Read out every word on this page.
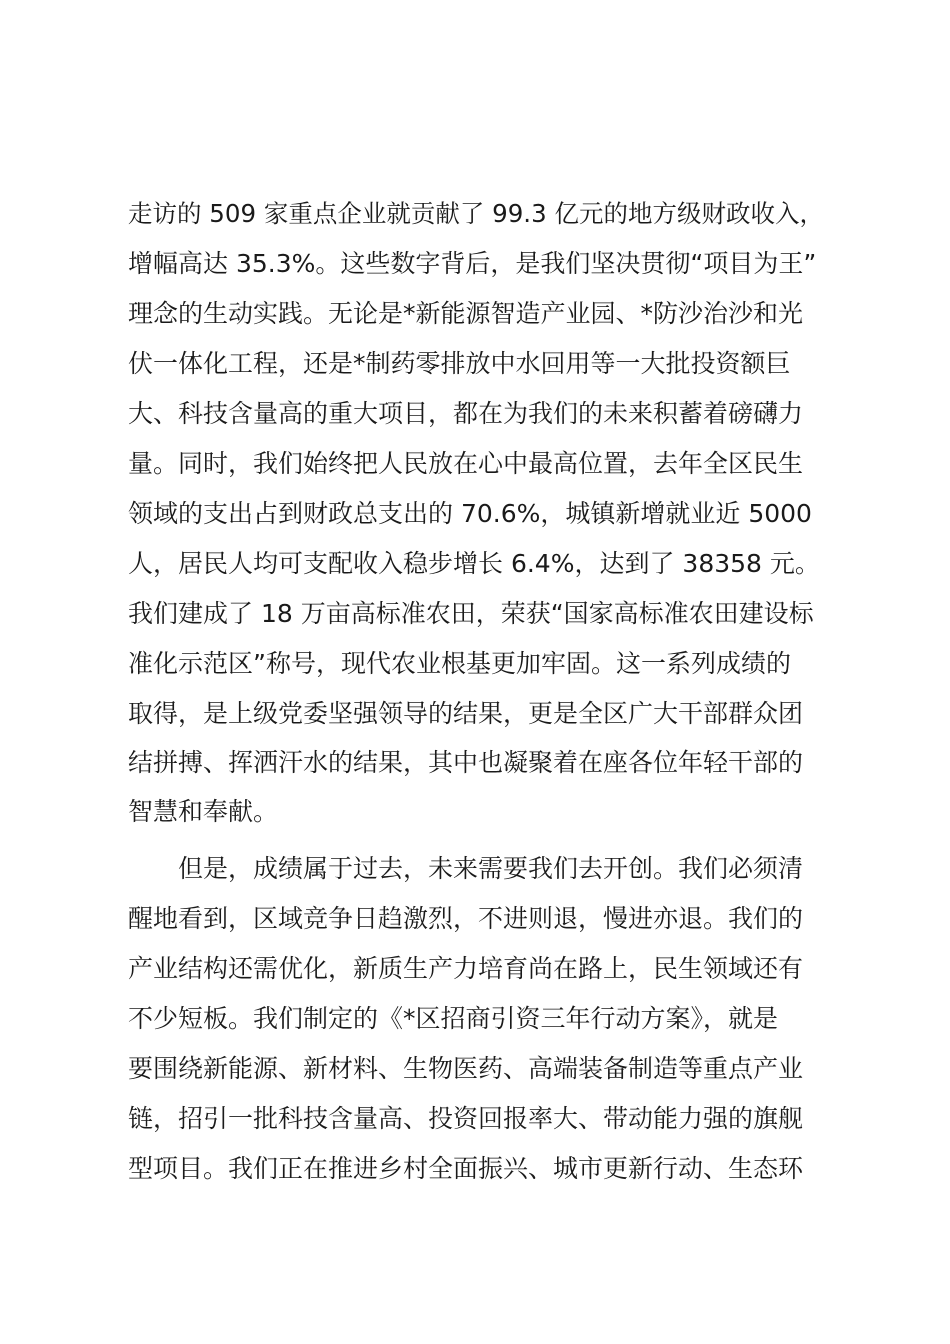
走访的 509 家重点企业就贡献了 99.3 亿元的地方级财政收入，

增幅高达 35.3%。这些数字背后，是我们坚决贯彻“项目为王”

理念的生动实践。无论是*新能源智造产业园、*防沙治沙和光

伏一体化工程，还是*制药零排放中水回用等一大批投资额巨

大、科技含量高的重大项目，都在为我们的未来积蓄着磅礴力

量。同时，我们始终把人民放在心中最高位置，去年全区民生

领域的支出占到财政总支出的 70.6%，城镇新增就业近 5000

人，居民人均可支配收入稳步增长 6.4%，达到了 38358 元。

我们建成了 18 万亩高标准农田，荣获“国家高标准农田建设标

准化示范区”称号，现代农业根基更加牢固。这一系列成绩的

取得，是上级党委坚强领导的结果，更是全区广大干部群众团

结拼搏、挥洒汗水的结果，其中也凝聚着在座各位年轻干部的

智慧和奉献。

但是，成绩属于过去，未来需要我们去开创。我们必须清

醒地看到，区域竞争日趋激烈，不进则退，慢进亦退。我们的

产业结构还需优化，新质生产力培育尚在路上，民生领域还有

不少短板。我们制定的《*区招商引资三年行动方案》，就是

要围绕新能源、新材料、生物医药、高端装备制造等重点产业

链，招引一批科技含量高、投资回报率大、带动能力强的旗舰

型项目。我们正在推进乡村全面振兴、城市更新行动、生态环
